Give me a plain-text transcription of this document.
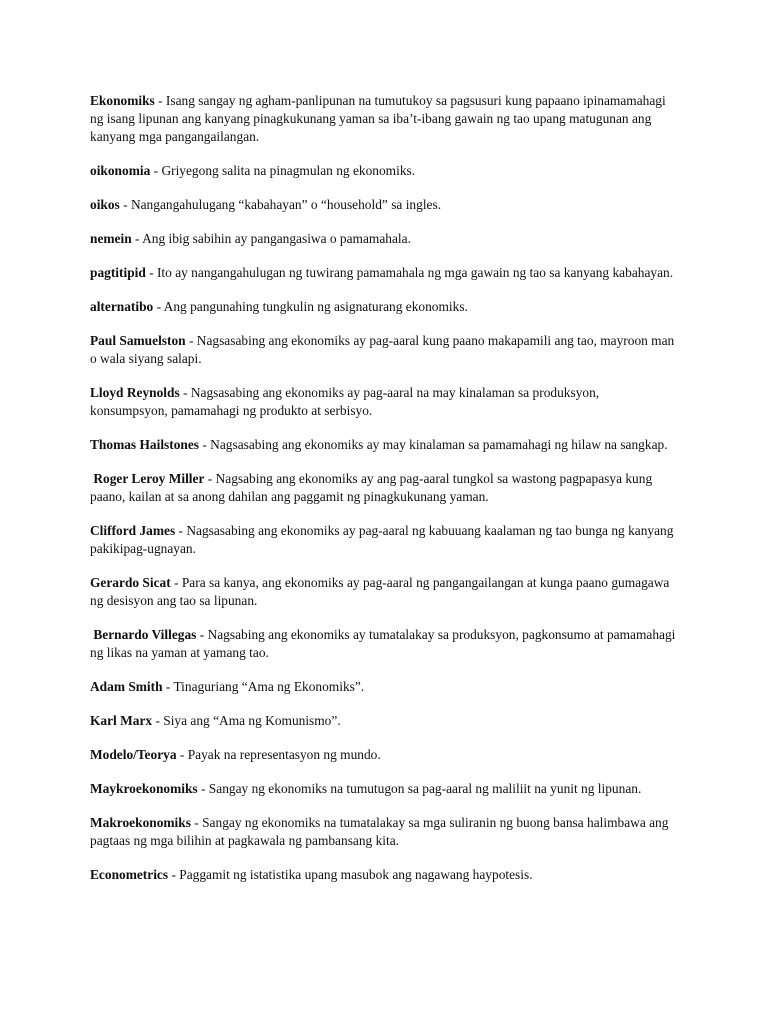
Ekonomiks - Isang sangay ng agham-panlipunan na tumutukoy sa pagsusuri kung papaano ipinamamahagi ng isang lipunan ang kanyang pinagkukunang yaman sa iba’t-ibang gawain ng tao upang matugunan ang kanyang mga pangangailangan.

oikonomia - Griyegong salita na pinagmulan ng ekonomiks.

oikos - Nangangahulugang “kabahayan” o “household” sa ingles.

nemein - Ang ibig sabihin ay pangangasiwa o pamamahala.

pagtitipid - Ito ay nangangahulugan ng tuwirang pamamahala ng mga gawain ng tao sa kanyang kabahayan.

alternatibo - Ang pangunahing tungkulin ng asignaturang ekonomiks.

Paul Samuelston - Nagsasabing ang ekonomiks ay pag-aaral kung paano makapamili ang tao, mayroon man o wala siyang salapi.

Lloyd Reynolds - Nagsasabing ang ekonomiks ay pag-aaral na may kinalaman sa produksyon, konsumpsyon, pamamahagi ng produkto at serbisyo.

Thomas Hailstones - Nagsasabing ang ekonomiks ay may kinalaman sa pamamahagi ng hilaw na sangkap.

Roger Leroy Miller - Nagsabing ang ekonomiks ay ang pag-aaral tungkol sa wastong pagpapasya kung paano, kailan at sa anong dahilan ang paggamit ng pinagkukunang yaman.

Clifford James - Nagsasabing ang ekonomiks ay pag-aaral ng kabuuang kaalaman ng tao bunga ng kanyang pakikipag-ugnayan.

Gerardo Sicat - Para sa kanya, ang ekonomiks ay pag-aaral ng pangangailangan at kunga paano gumagawa ng desisyon ang tao sa lipunan.

Bernardo Villegas - Nagsabing ang ekonomiks ay tumatalakay sa produksyon, pagkonsumo at pamamahagi ng likas na yaman at yamang tao.

Adam Smith - Tinaguriang “Ama ng Ekonomiks”.

Karl Marx - Siya ang “Ama ng Komunismo”.

Modelo/Teorya - Payak na representasyon ng mundo.

Maykroekonomiks - Sangay ng ekonomiks na tumutugon sa pag-aaral ng maliliit na yunit ng lipunan.

Makroekonomiks - Sangay ng ekonomiks na tumatalakay sa mga suliranin ng buong bansa halimbawa ang pagtaas ng mga bilihin at pagkawala ng pambansang kita.

Econometrics - Paggamit ng istatistika upang masubok ang nagawang haypotesis.
